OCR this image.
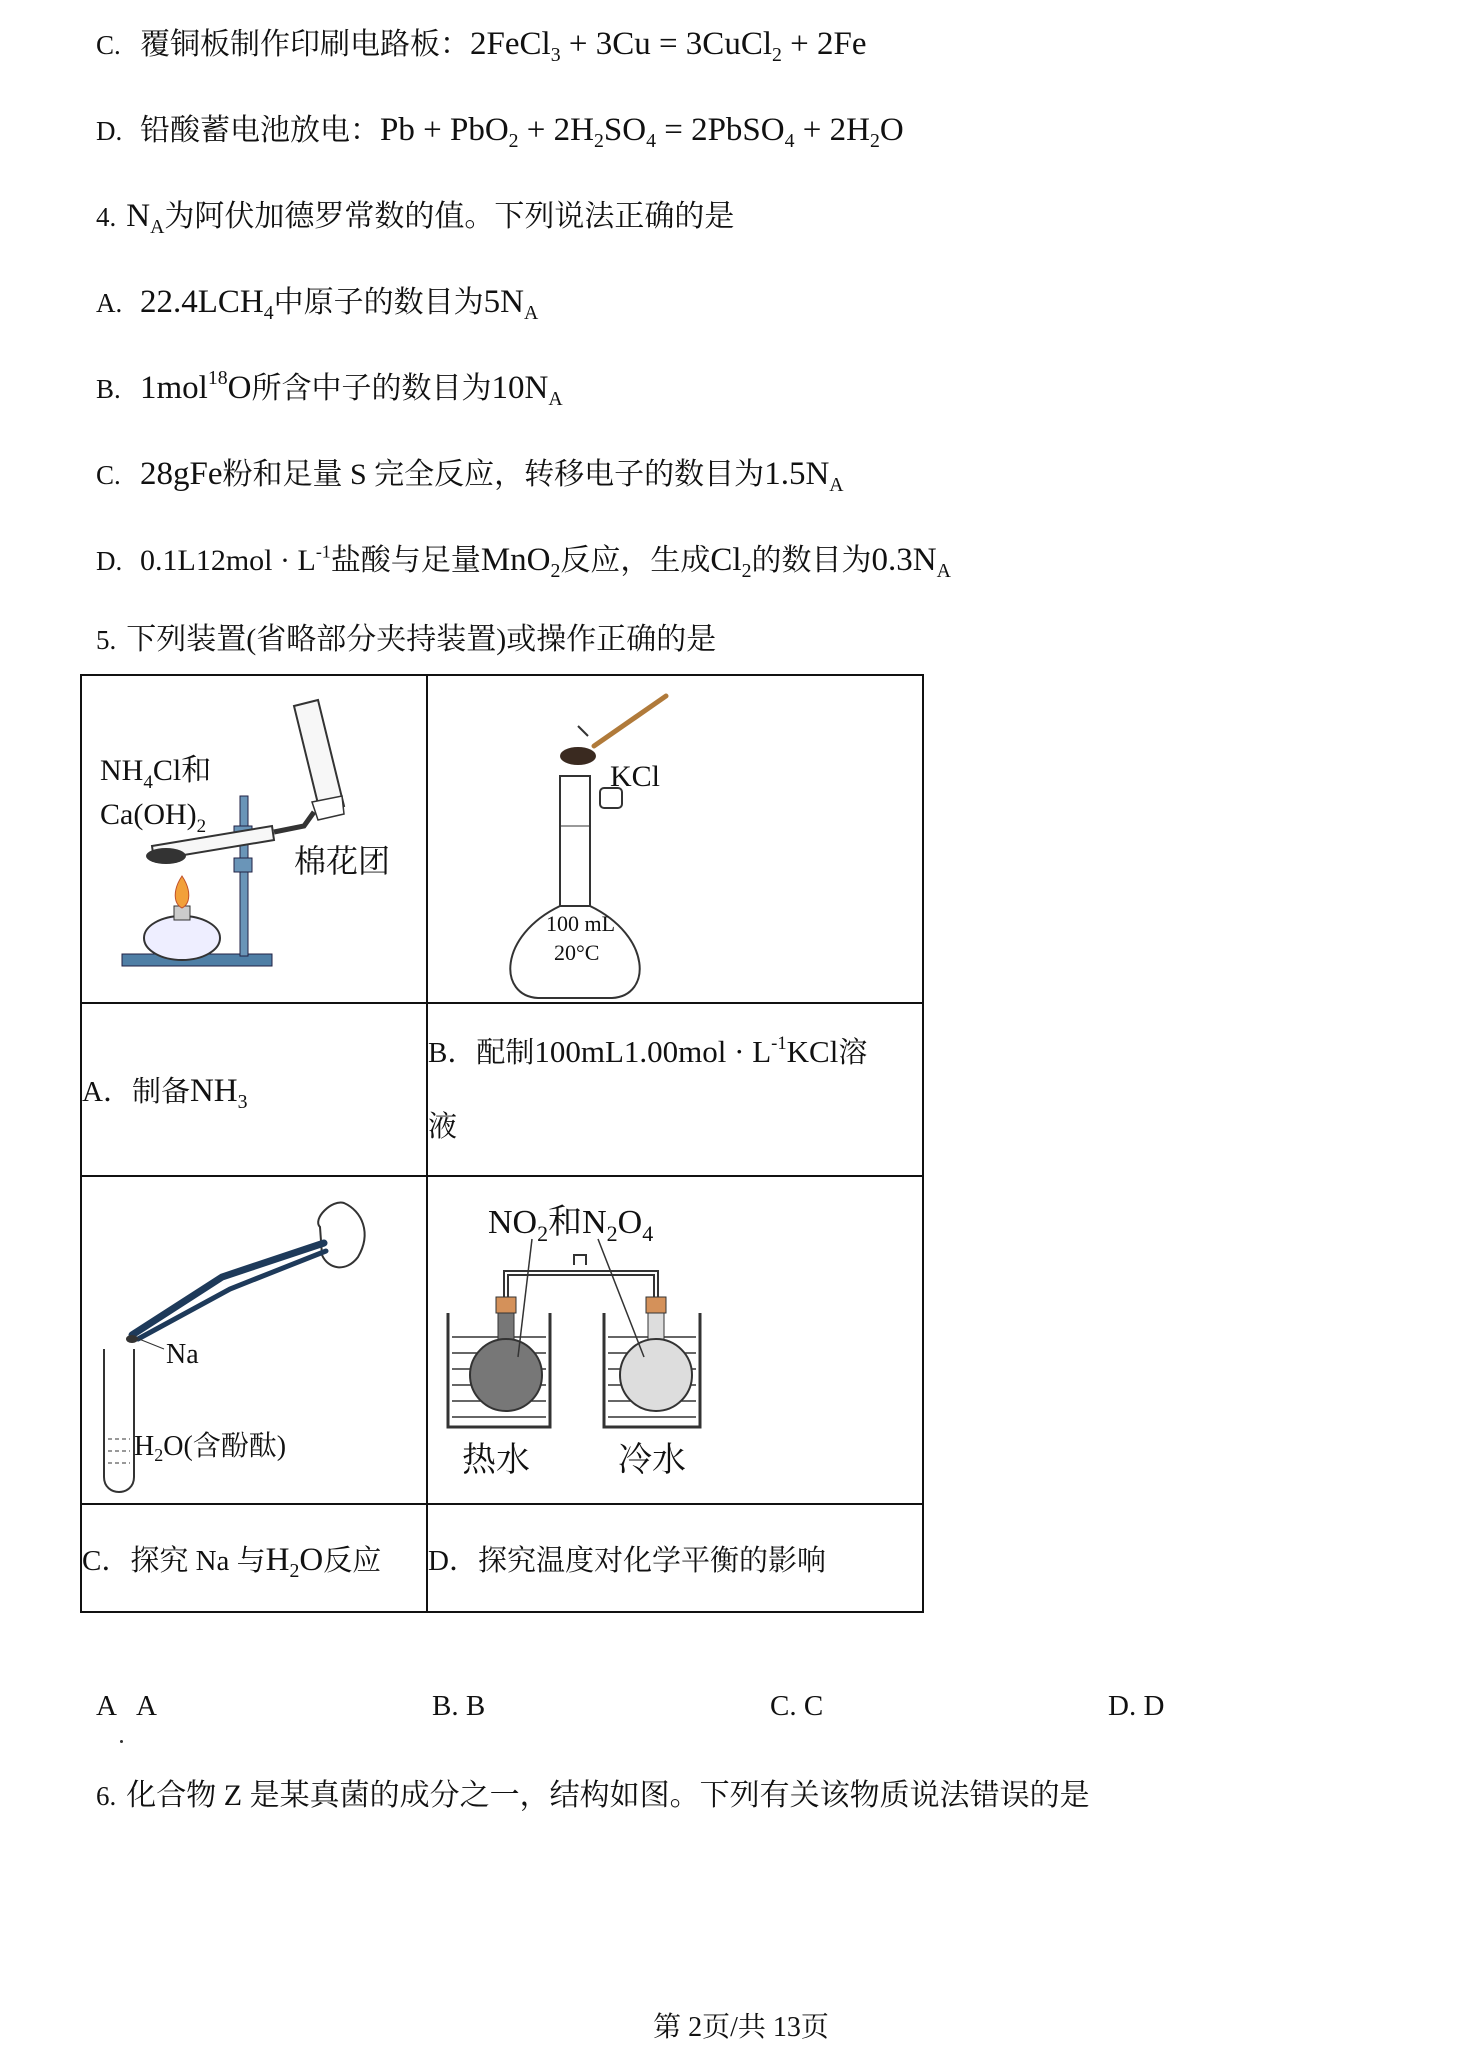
C. 覆铜板制作印刷电路板：2FeCl$_3$ + 3Cu = 3CuCl$_2$ + 2Fe
D. 铅酸蓄电池放电：$Pb + PbO_2 + 2H_2SO_4$ = 2PbSO$_4$ + $2H_2O$
4. $N_A$为阿伏加德罗常数的值。下列说法正确的是
A. $22.4LCH_4$中原子的数目为$5N_A$
B. 1mol$^{18}$O所含中子的数目为$10N_A$
C. 28gFe粉和足量 S 完全反应，转移电子的数目为$1.5N_A$
D. $0.1L12mol \cdot L^{-1}$盐酸与足量MnO$_2$反应，生成$Cl_2$的数目为$0.3N_A$
5. 下列装置(省略部分夹持装置)或操作正确的是
$NH_4Cl$和
$Ca(OH)_2$
棉花团	100 mL
20°C
KCl

A．制备$NH_3$	B．配制$100mL1.00mol \cdot L^{-1}KCl$溶
液

Na
$H_2O$(含酚酞)	$NO_2$和$N_2O_4$
热水 冷水

C．探究 Na 与$H_2O$反应	D．探究温度对化学平衡的影响
A A	B. B	C. C	D. D
6. 化合物 Z 是某真菌的成分之一，结构如图。下列有关该物质说法错误的是
第 2页/共 13页
